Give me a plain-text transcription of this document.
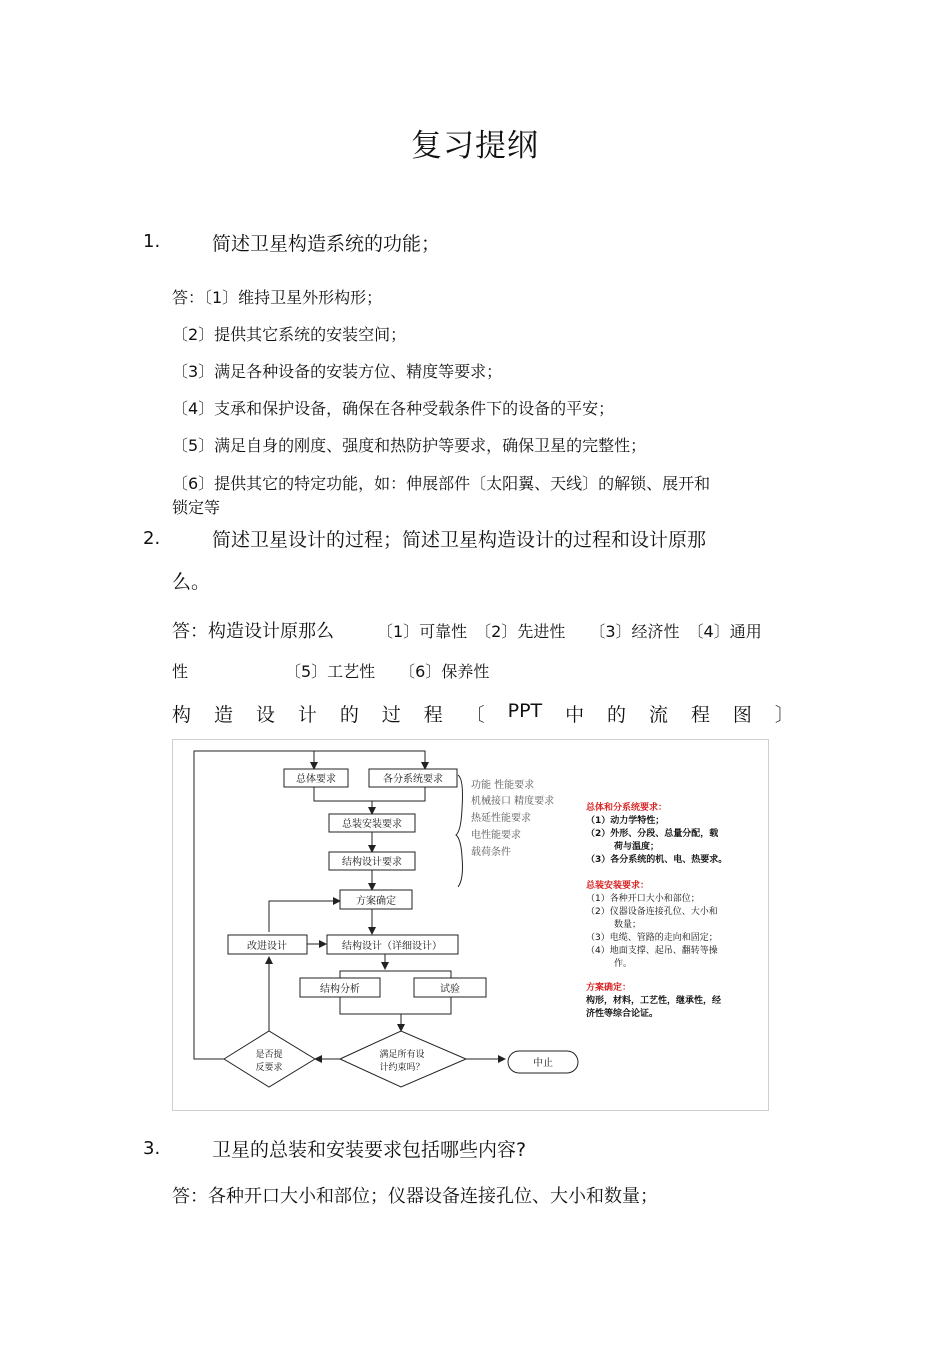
复习提纲
1.	简述卫星构造系统的功能；
答：〔1〕维持卫星外形构形；
〔2〕提供其它系统的安装空间；
〔3〕满足各种设备的安装方位、精度等要求；
〔4〕支承和保护设备，确保在各种受载条件下的设备的平安；
〔5〕满足自身的刚度、强度和热防护等要求，确保卫星的完整性；
〔6〕提供其它的特定功能，如：伸展部件〔太阳翼、天线〕的解锁、展开和
锁定等
2.	简述卫星设计的过程；简述卫星构造设计的过程和设计原那
么。
答：构造设计原那么	〔1〕可靠性　〔2〕先进性　　〔3〕经济性　〔4〕通用
性	〔5〕工艺性　　〔6〕保养性
构 造 设 计 的 过 程 〔 PPT 中 的 流 程 图 〕
总体要求	各分系统要求
总装安装要求
结构设计要求
方案确定
改进设计	结构设计（详细设计）
结构分析	试验
是否提
反要求
满足所有设
计约束吗？	中止
功能 性能要求
机械接口 精度要求
热延性能要求
电性能要求
载荷条件
总体和分系统要求：
（1）动力学特性；
（2）外形、分段、总量分配，载
荷与温度；
（3）各分系统的机、电、热要求。
总装安装要求：
（1）各种开口大小和部位；
（2）仪器设备连接孔位、大小和
数量；
（3）电缆、管路的走向和固定；
（4）地面支撑、起吊、翻转等操
作。
方案确定：
构形，材料，工艺性，继承性，经
济性等综合论证。
3.	卫星的总装和安装要求包括哪些内容?
答：各种开口大小和部位；仪器设备连接孔位、大小和数量；
